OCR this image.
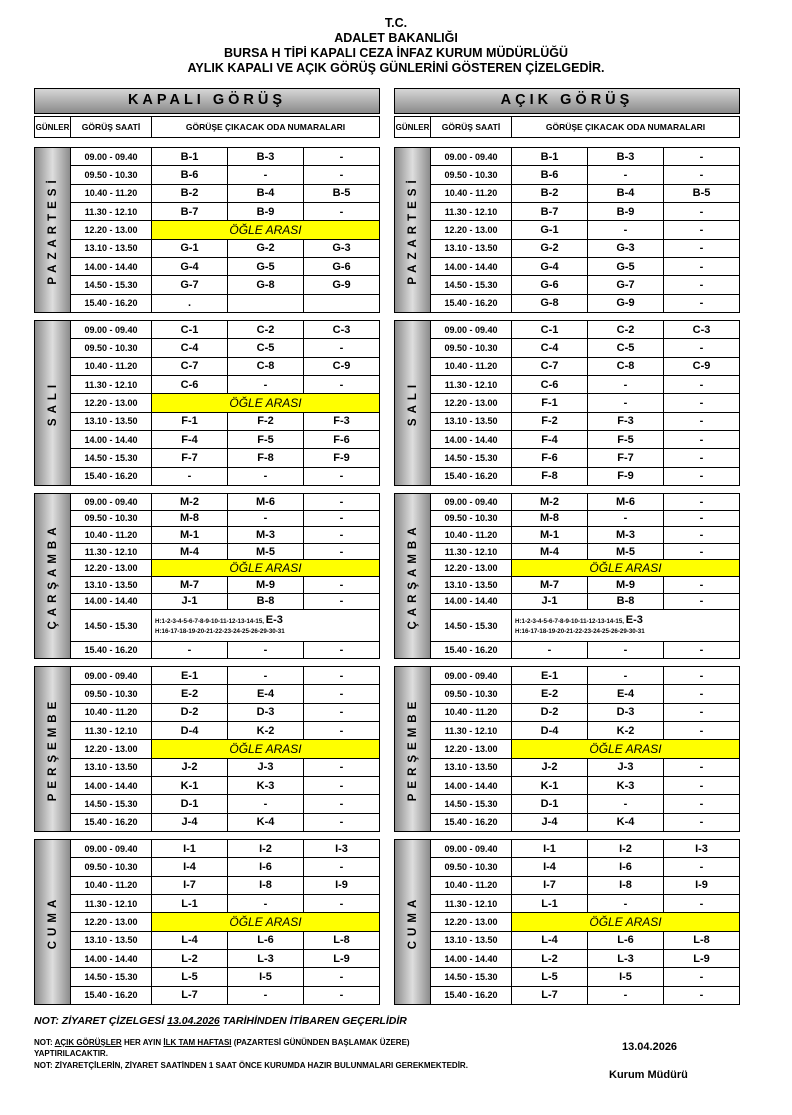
T.C.
ADALET BAKANLIĞI
BURSA H TİPİ KAPALI CEZA İNFAZ KURUM MÜDÜRLÜĞÜ
AYLIK KAPALI VE AÇIK GÖRÜŞ GÜNLERİNİ GÖSTEREN ÇİZELGEDİR.
KAPALI GÖRÜŞ
GÜNLER	GÖRÜŞ SAATİ	GÖRÜŞE ÇIKACAK ODA NUMARALARI
PAZARTESİ
09.00 - 09.40	B-1	B-3	-
09.50 - 10.30	B-6	-	-
10.40 - 11.20	B-2	B-4	B-5
11.30 - 12.10	B-7	B-9	-
12.20 - 13.00	ÖĞLE ARASI
13.10 - 13.50	G-1	G-2	G-3
14.00 - 14.40	G-4	G-5	G-6
14.50 - 15.30	G-7	G-8	G-9
15.40 - 16.20	.
SALI
09.00 - 09.40	C-1	C-2	C-3
09.50 - 10.30	C-4	C-5	-
10.40 - 11.20	C-7	C-8	C-9
11.30 - 12.10	C-6	-	-
12.20 - 13.00	ÖĞLE ARASI
13.10 - 13.50	F-1	F-2	F-3
14.00 - 14.40	F-4	F-5	F-6
14.50 - 15.30	F-7	F-8	F-9
15.40 - 16.20	-	-	-
ÇARŞAMBA
09.00 - 09.40	M-2	M-6	-
09.50 - 10.30	M-8	-	-
10.40 - 11.20	M-1	M-3	-
11.30 - 12.10	M-4	M-5	-
12.20 - 13.00	ÖĞLE ARASI
13.10 - 13.50	M-7	M-9	-
14.00 - 14.40	J-1	B-8	-
14.50 - 15.30	H:1-2-3-4-5-6-7-8-9-10-11-12-13-14-15, E-3
H:16-17-18-19-20-21-22-23-24-25-26-29-30-31
15.40 - 16.20	-	-	-
PERŞEMBE
09.00 - 09.40	E-1	-	-
09.50 - 10.30	E-2	E-4	-
10.40 - 11.20	D-2	D-3	-
11.30 - 12.10	D-4	K-2	-
12.20 - 13.00	ÖĞLE ARASI
13.10 - 13.50	J-2	J-3	-
14.00 - 14.40	K-1	K-3	-
14.50 - 15.30	D-1	-	-
15.40 - 16.20	J-4	K-4	-
CUMA
09.00 - 09.40	I-1	I-2	I-3
09.50 - 10.30	I-4	I-6	-
10.40 - 11.20	I-7	I-8	I-9
11.30 - 12.10	L-1	-	-
12.20 - 13.00	ÖĞLE ARASI
13.10 - 13.50	L-4	L-6	L-8
14.00 - 14.40	L-2	L-3	L-9
14.50 - 15.30	L-5	I-5	-
15.40 - 16.20	L-7	-	-
AÇIK GÖRÜŞ
GÜNLER	GÖRÜŞ SAATİ	GÖRÜŞE ÇIKACAK ODA NUMARALARI
PAZARTESİ
09.00 - 09.40	B-1	B-3	-
09.50 - 10.30	B-6	-	-
10.40 - 11.20	B-2	B-4	B-5
11.30 - 12.10	B-7	B-9	-
12.20 - 13.00	G-1	-	-
13.10 - 13.50	G-2	G-3	-
14.00 - 14.40	G-4	G-5	-
14.50 - 15.30	G-6	G-7	-
15.40 - 16.20	G-8	G-9	-
SALI
09.00 - 09.40	C-1	C-2	C-3
09.50 - 10.30	C-4	C-5	-
10.40 - 11.20	C-7	C-8	C-9
11.30 - 12.10	C-6	-	-
12.20 - 13.00	F-1	-	-
13.10 - 13.50	F-2	F-3	-
14.00 - 14.40	F-4	F-5	-
14.50 - 15.30	F-6	F-7	-
15.40 - 16.20	F-8	F-9	-
ÇARŞAMBA
09.00 - 09.40	M-2	M-6	-
09.50 - 10.30	M-8	-	-
10.40 - 11.20	M-1	M-3	-
11.30 - 12.10	M-4	M-5	-
12.20 - 13.00	ÖĞLE ARASI
13.10 - 13.50	M-7	M-9	-
14.00 - 14.40	J-1	B-8	-
14.50 - 15.30	H:1-2-3-4-5-6-7-8-9-10-11-12-13-14-15, E-3
H:16-17-18-19-20-21-22-23-24-25-26-29-30-31
15.40 - 16.20	-	-	-
PERŞEMBE
09.00 - 09.40	E-1	-	-
09.50 - 10.30	E-2	E-4	-
10.40 - 11.20	D-2	D-3	-
11.30 - 12.10	D-4	K-2	-
12.20 - 13.00	ÖĞLE ARASI
13.10 - 13.50	J-2	J-3	-
14.00 - 14.40	K-1	K-3	-
14.50 - 15.30	D-1	-	-
15.40 - 16.20	J-4	K-4	-
CUMA
09.00 - 09.40	I-1	I-2	I-3
09.50 - 10.30	I-4	I-6	-
10.40 - 11.20	I-7	I-8	I-9
11.30 - 12.10	L-1	-	-
12.20 - 13.00	ÖĞLE ARASI
13.10 - 13.50	L-4	L-6	L-8
14.00 - 14.40	L-2	L-3	L-9
14.50 - 15.30	L-5	I-5	-
15.40 - 16.20	L-7	-	-
NOT: ZİYARET ÇİZELGESİ 13.04.2026 TARİHİNDEN İTİBAREN GEÇERLİDİR
NOT: AÇIK GÖRÜŞLER HER AYIN İLK TAM HAFTASI (PAZARTESİ GÜNÜNDEN BAŞLAMAK ÜZERE) YAPTIRILACAKTIR.
NOT: ZİYARETÇİLERİN, ZİYARET SAATİNDEN 1 SAAT ÖNCE KURUMDA HAZIR BULUNMALARI GEREKMEKTEDİR.
13.04.2026
Kurum Müdürü
